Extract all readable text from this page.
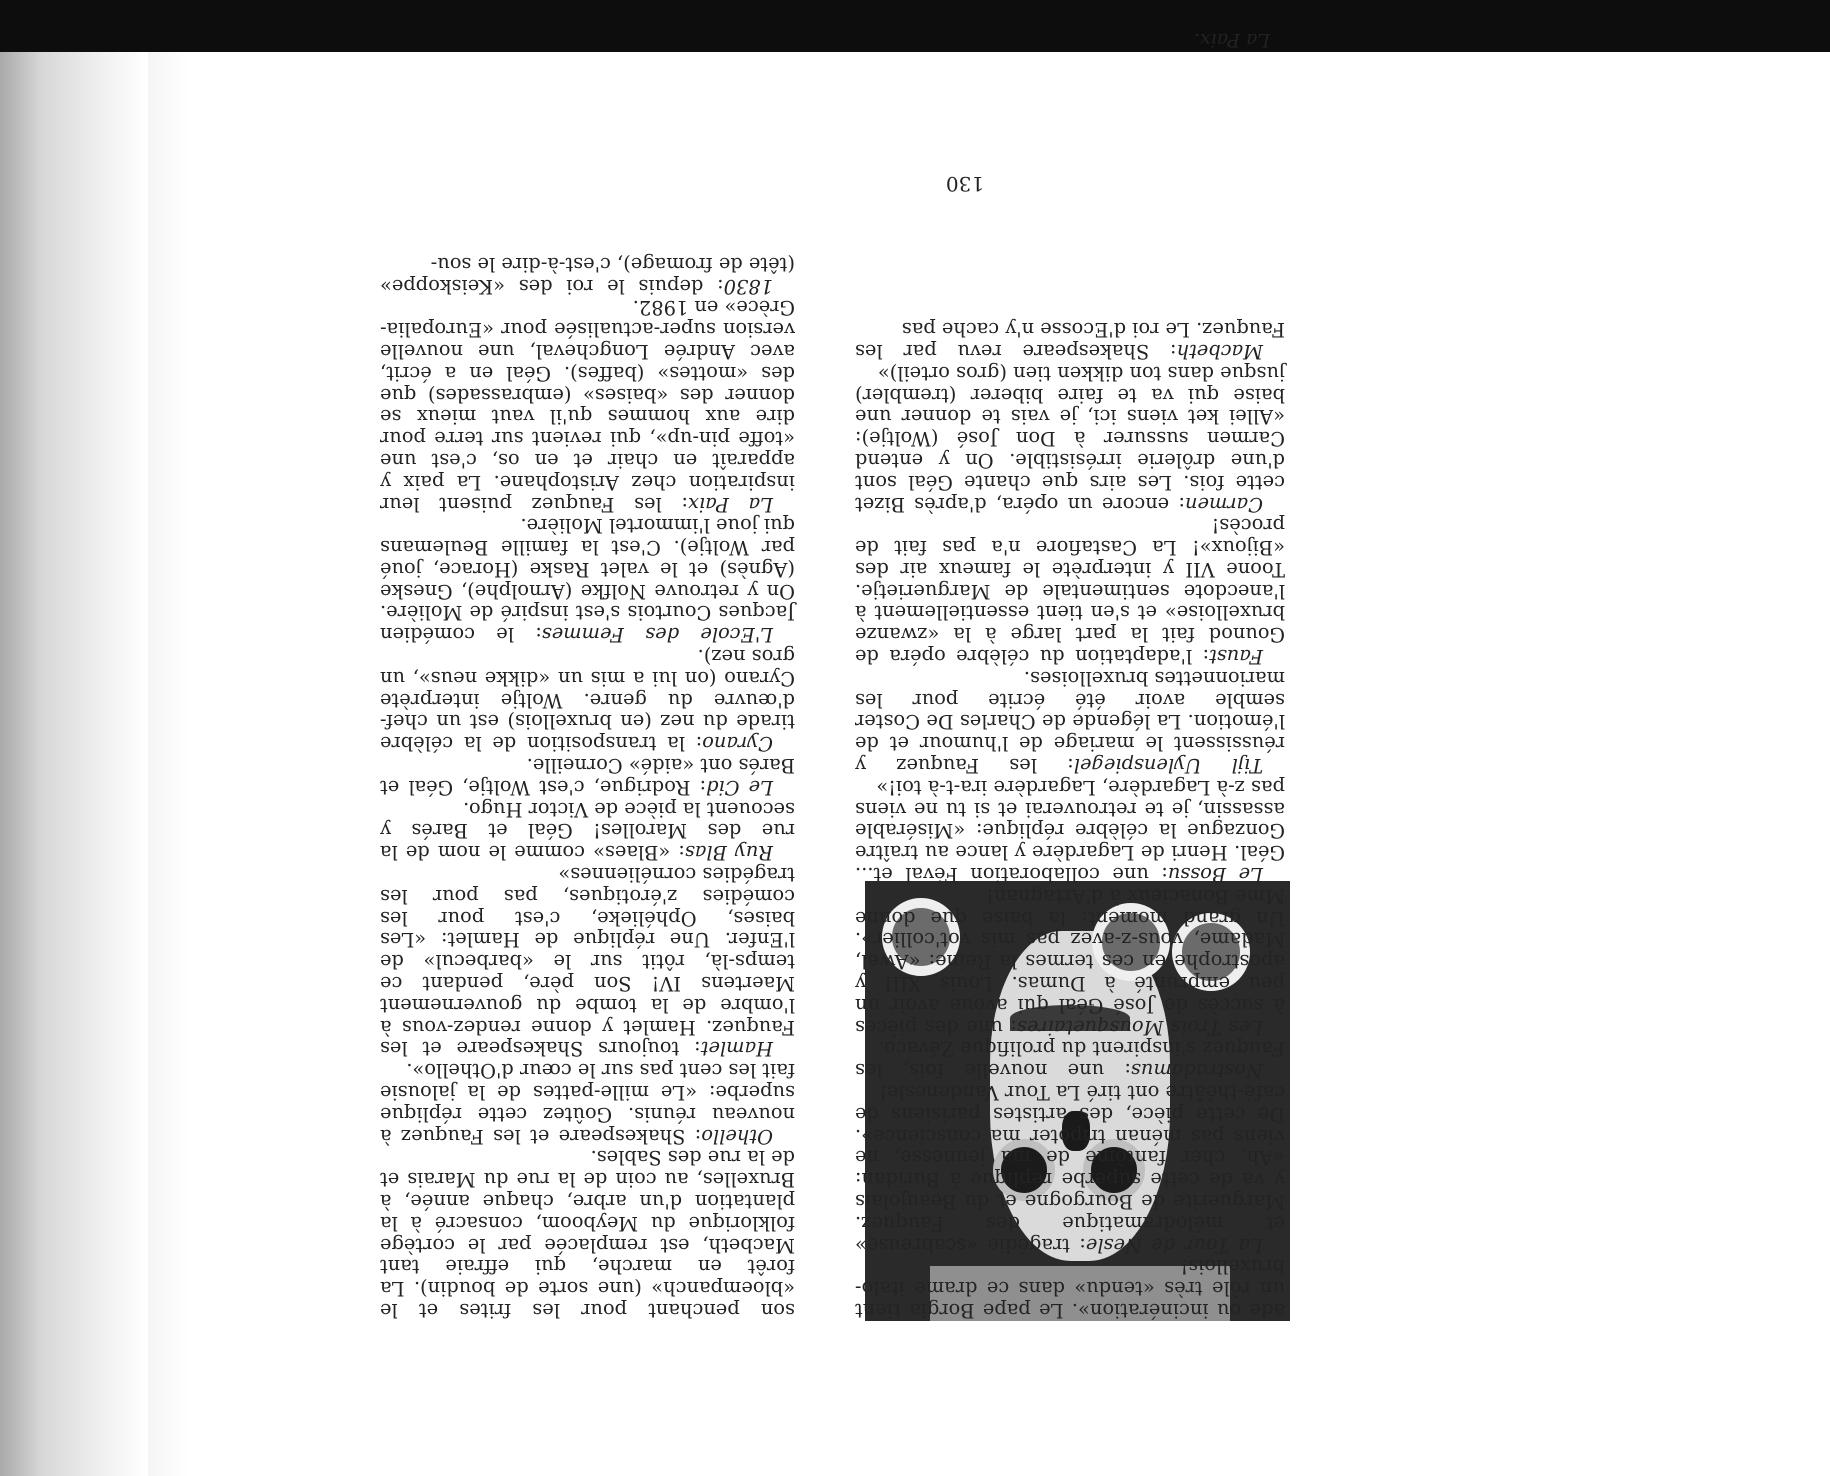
La Paix.

ade ou incinération». Le pape Borgia tient un rôle très «tendu» dans ce drame italo-bruxellois!

La Tour de Nesle: tragédie «scabreuse» et mélodramatique des Fauquez. Marguerite de Bourgogne et du Beaujolais y va de cette superbe réplique à Buridan: «Ah, cher fantôme de ma jeunesse, ne viens pas ménan tripoter ma conscience». De cette pièce, des artistes parisiens de café-théâtre ont tiré La Tour Vandenesle!

Nostradamus: une nouvelle fois, les Fauquez s'inspirent du prolifique Zévaco.

Les Trois Mousquetaires: une des pièces à succès de José Géal qui avoue avoir un peu emprunté à Dumas. Louis XIII y apostrophe en ces termes la Reine: «Awel, Madame, vous-z-avez pas mis vot'collier». Un grand moment: la baise que donne Mme Bonacieux à d'Artagnan!

Le Bossu: une collaboration Féval et... Géal. Henri de Lagardère y lance au traître Gonzague la célèbre réplique: «Misérable assassin, je te retrouverai et si tu ne viens pas z-à Lagardère, Lagardère ira-t-à toi!»

Tijl Uylenspiegel: les Fauquez y réussissent le mariage de l'humour et de l'émotion. La légende de Charles De Coster semble avoir été écrite pour les marionnettes bruxelloises.

Faust: l'adaptation du célèbre opéra de Gounod fait la part large à la «zwanze bruxelloise» et s'en tient essentiellement à l'anecdote sentimentale de Marguerietje. Toone VII y interprète le fameux air des «Bijoux»! La Castafiore n'a pas fait de procès!

Carmen: encore un opéra, d'après Bizet cette fois. Les airs que chante Géal sont d'une drôlerie irrésistible. On y entend Carmen sussurer à Don José (Woltje): «Allei ket viens ici, je vais te donner une baise qui va te faire biberer (trembler) jusque dans ton dikken tien (gros orteil)»

Macbeth: Shakespeare revu par les Fauquez. Le roi d'Ecosse n'y cache pas

son penchant pour les frites et le «bloempanch» (une sorte de boudin). La forêt en marche, qui effraie tant Macbeth, est remplacée par le cortège folklorique du Meyboom, consacré à la plantation d'un arbre, chaque année, à Bruxelles, au coin de la rue du Marais et de la rue des Sables.

Othello: Shakespeare et les Fauquez à nouveau réunis. Goûtez cette réplique superbe: «Le mille-pattes de la jalousie fait les cent pas sur le cœur d'Othello».

Hamlet: toujours Shakespeare et les Fauquez. Hamlet y donne rendez-vous à l'ombre de la tombe du gouvernement Maertens IV! Son père, pendant ce temps-là, rôtit sur le «barbecul» de l'Enfer. Une réplique de Hamlet: «Les baises, Ophélieke, c'est pour les comédies z'érotiques, pas pour les tragédies cornéliennes»

Ruy Blas: «Blaes» comme le nom de la rue des Marolles! Géal et Barés y secouent la pièce de Victor Hugo.

Le Cid: Rodrigue, c'est Woltje, Géal et Barés ont «aidé» Corneille.

Cyrano: la transposition de la célèbre tirade du nez (en bruxellois) est un chef-d'œuvre du genre. Woltje interprète Cyrano (on lui a mis un «dikke neus», un gros nez).

L'Ecole des Femmes: le comédien Jacques Courtois s'est inspiré de Molière. On y retrouve Nolfke (Arnolphe), Gneske (Agnès) et le valet Raske (Horace, joué par Woltje). C'est la famille Beulemans qui joue l'immortel Molière.

La Paix: les Fauquez puisent leur inspiration chez Aristophane. La paix y apparaît en chair et en os, c'est une «toffe pin-up», qui revient sur terre pour dire aux hommes qu'il vaut mieux se donner des «baises» (embrassades) que des «mottes» (baffes). Géal en a écrit, avec Andrée Longcheval, une nouvelle version super-actualisée pour «Europalia-Grèce» en 1982.

1830: depuis le roi des «Keiskoppe» (tête de fromage), c'est-à-dire le sou-

130
